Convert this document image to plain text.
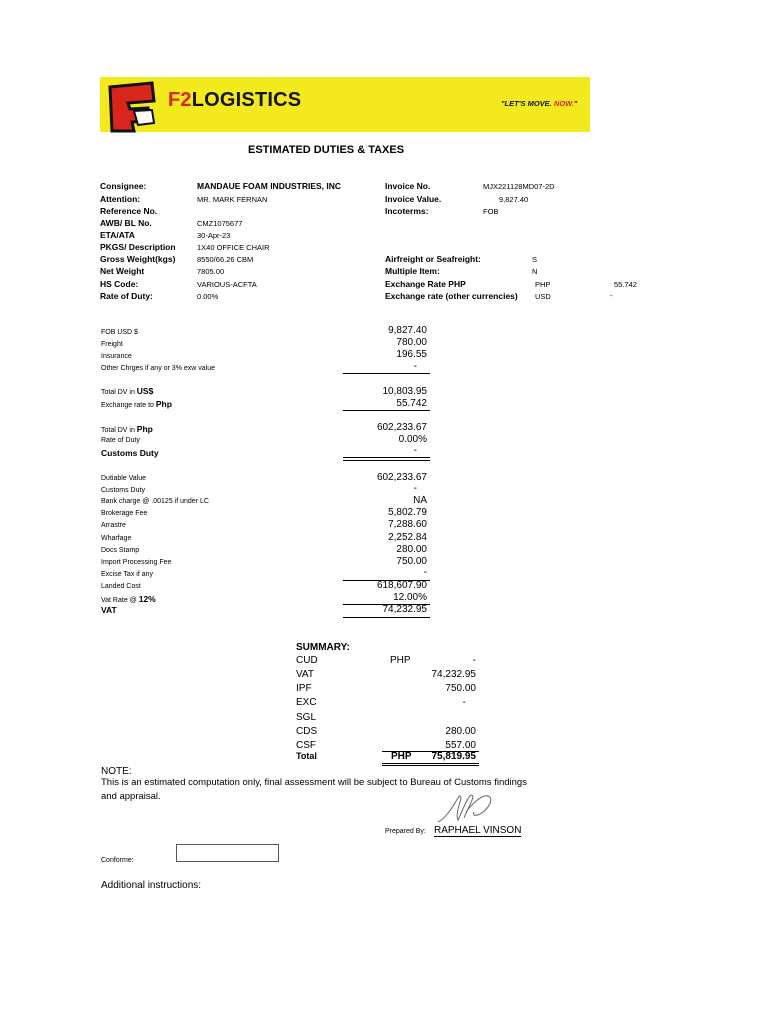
F2LOGISTICS	"LET'S MOVE. NOW."
ESTIMATED DUTIES & TAXES
Consignee:	MANDAUE FOAM INDUSTRIES, INC
Attention:	MR. MARK FERNAN
Reference No.
AWB/ BL No.	CMZ1075677
ETA/ATA	30-Apr-23
PKGS/ Description	1X40 OFFICE CHAIR
Gross Weight(kgs)	8550/66.26 CBM
Net Weight	7805.00
HS Code:	VARIOUS-ACFTA
Rate of Duty:	0.00%
Invoice No.	MJX221128MD07-2D
Invoice Value.	9,827.40
Incoterms:	FOB
Airfreight or Seafreight:	S
Multiple Item:	N
Exchange Rate PHP	PHP	55.742
Exchange rate (other currencies) USD	-
FOB USD $	9,827.40
Freight	780.00
Insurance	196.55
Other Chrges if any or 3% exw value	-
Total DV in US$	10,803.95
Exchange rate to Php	55.742
Total DV in Php	602,233.67
Rate of Duty	0.00%
Customs Duty	-
Dutiable Value	602,233.67
Customs Duty	-
Bank charge @ .00125 if under LC	NA
Brokerage Fee	5,802.79
Arrastre	7,288.60
Wharfage	2,252.84
Docs Stamp	280.00
Import Processing Fee	750.00
Excise Tax if any	-
Landed Cost	618,607.90
Vat Rate @ 12%	12.00%
VAT	74,232.95
SUMMARY:
CUD	PHP	-
VAT	74,232.95
IPF	750.00
EXC	-
SGL
CDS	280.00
CSF	557.00
Total	PHP	75,819.95
NOTE:
This is an estimated computation only, final assessment will be subject to Bureau of Customs findings
and appraisal.
Prepared By: RAPHAEL VINSON
Conforme:
Additional instructions:
